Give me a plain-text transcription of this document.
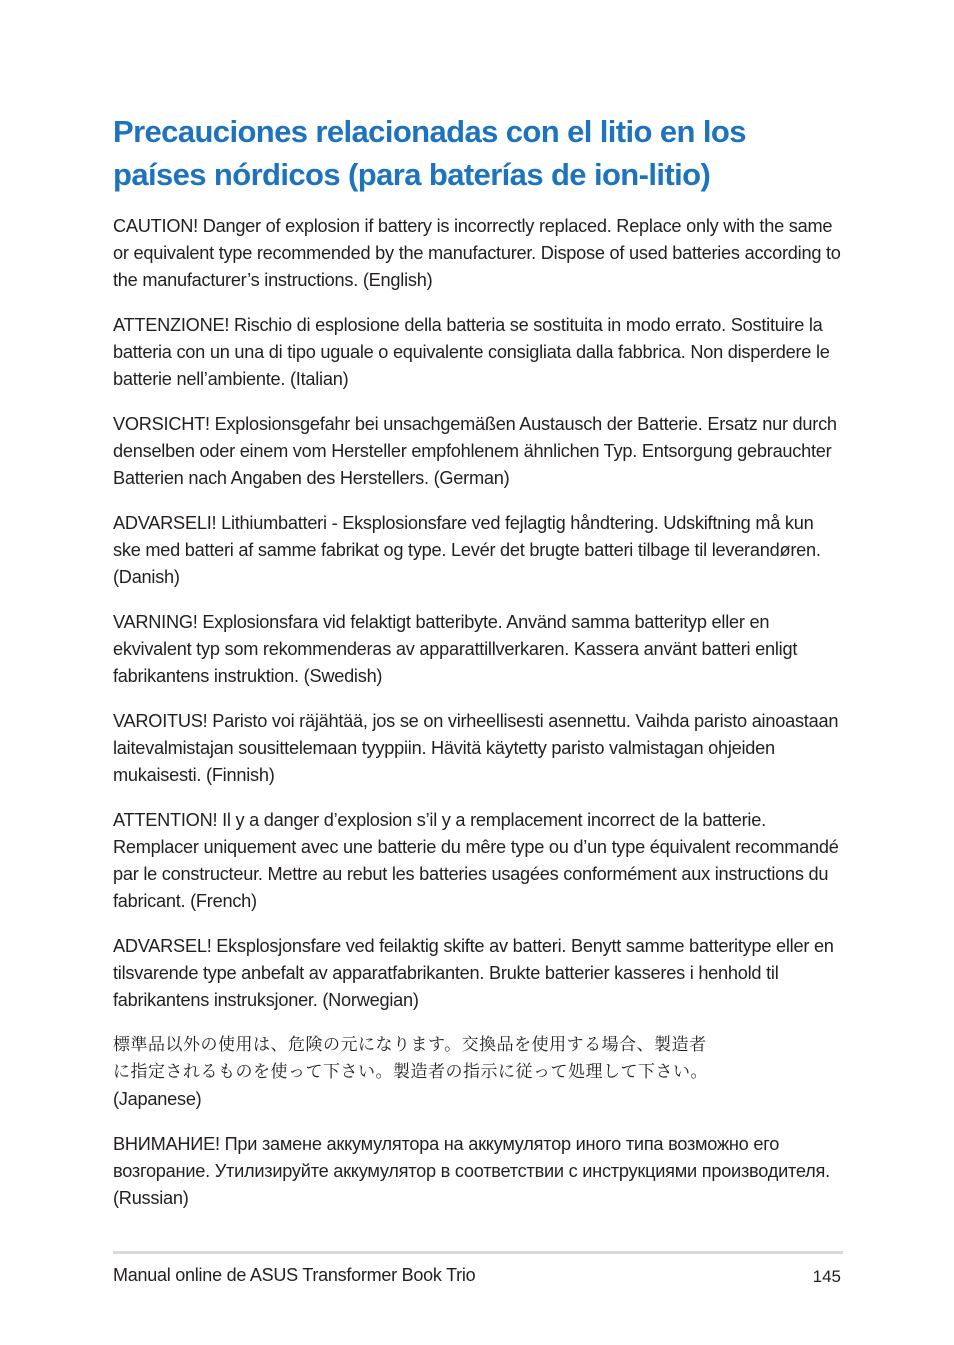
Precauciones relacionadas con el litio en los países nórdicos (para baterías de ion-litio)

CAUTION! Danger of explosion if battery is incorrectly replaced. Replace only with the same or equivalent type recommended by the manufacturer. Dispose of used batteries according to the manufacturer’s instructions. (English)

ATTENZIONE! Rischio di esplosione della batteria se sostituita in modo errato. Sostituire la batteria con un una di tipo uguale o equivalente consigliata dalla fabbrica. Non disperdere le batterie nell’ambiente. (Italian)

VORSICHT! Explosionsgefahr bei unsachgemäßen Austausch der Batterie. Ersatz nur durch denselben oder einem vom Hersteller empfohlenem ähnlichen Typ. Entsorgung gebrauchter Batterien nach Angaben des Herstellers. (German)

ADVARSELI! Lithiumbatteri - Eksplosionsfare ved fejlagtig håndtering. Udskiftning må kun ske med batteri af samme fabrikat og type. Levér det brugte batteri tilbage til leverandøren. (Danish)

VARNING! Explosionsfara vid felaktigt batteribyte. Använd samma batterityp eller en ekvivalent typ som rekommenderas av apparattillverkaren. Kassera använt batteri enligt fabrikantens instruktion. (Swedish)

VAROITUS! Paristo voi räjähtää, jos se on virheellisesti asennettu. Vaihda paristo ainoastaan laitevalmistajan sousittelemaan tyyppiin. Hävitä käytetty paristo valmistagan ohjeiden mukaisesti. (Finnish)

ATTENTION! Il y a danger d’explosion s’il y a remplacement incorrect de la batterie. Remplacer uniquement avec une batterie du mêre type ou d’un type équivalent recommandé par le constructeur. Mettre au rebut les batteries usagées conformément aux instructions du fabricant. (French)

ADVARSEL! Eksplosjonsfare ved feilaktig skifte av batteri. Benytt samme batteritype eller en tilsvarende type anbefalt av apparatfabrikanten. Brukte batterier kasseres i henhold til fabrikantens instruksjoner. (Norwegian)

標準品以外の使用は、危険の元になります。交換品を使用する場合、製造者

に指定されるものを使って下さい。製造者の指示に従って処理して下さい。

(Japanese)

ВНИМАНИЕ! При замене аккумулятора на аккумулятор иного типа возможно его возгорание. Утилизируйте аккумулятор в соответствии с инструкциями производителя. (Russian)

Manual online de ASUS Transformer Book Trio	145
